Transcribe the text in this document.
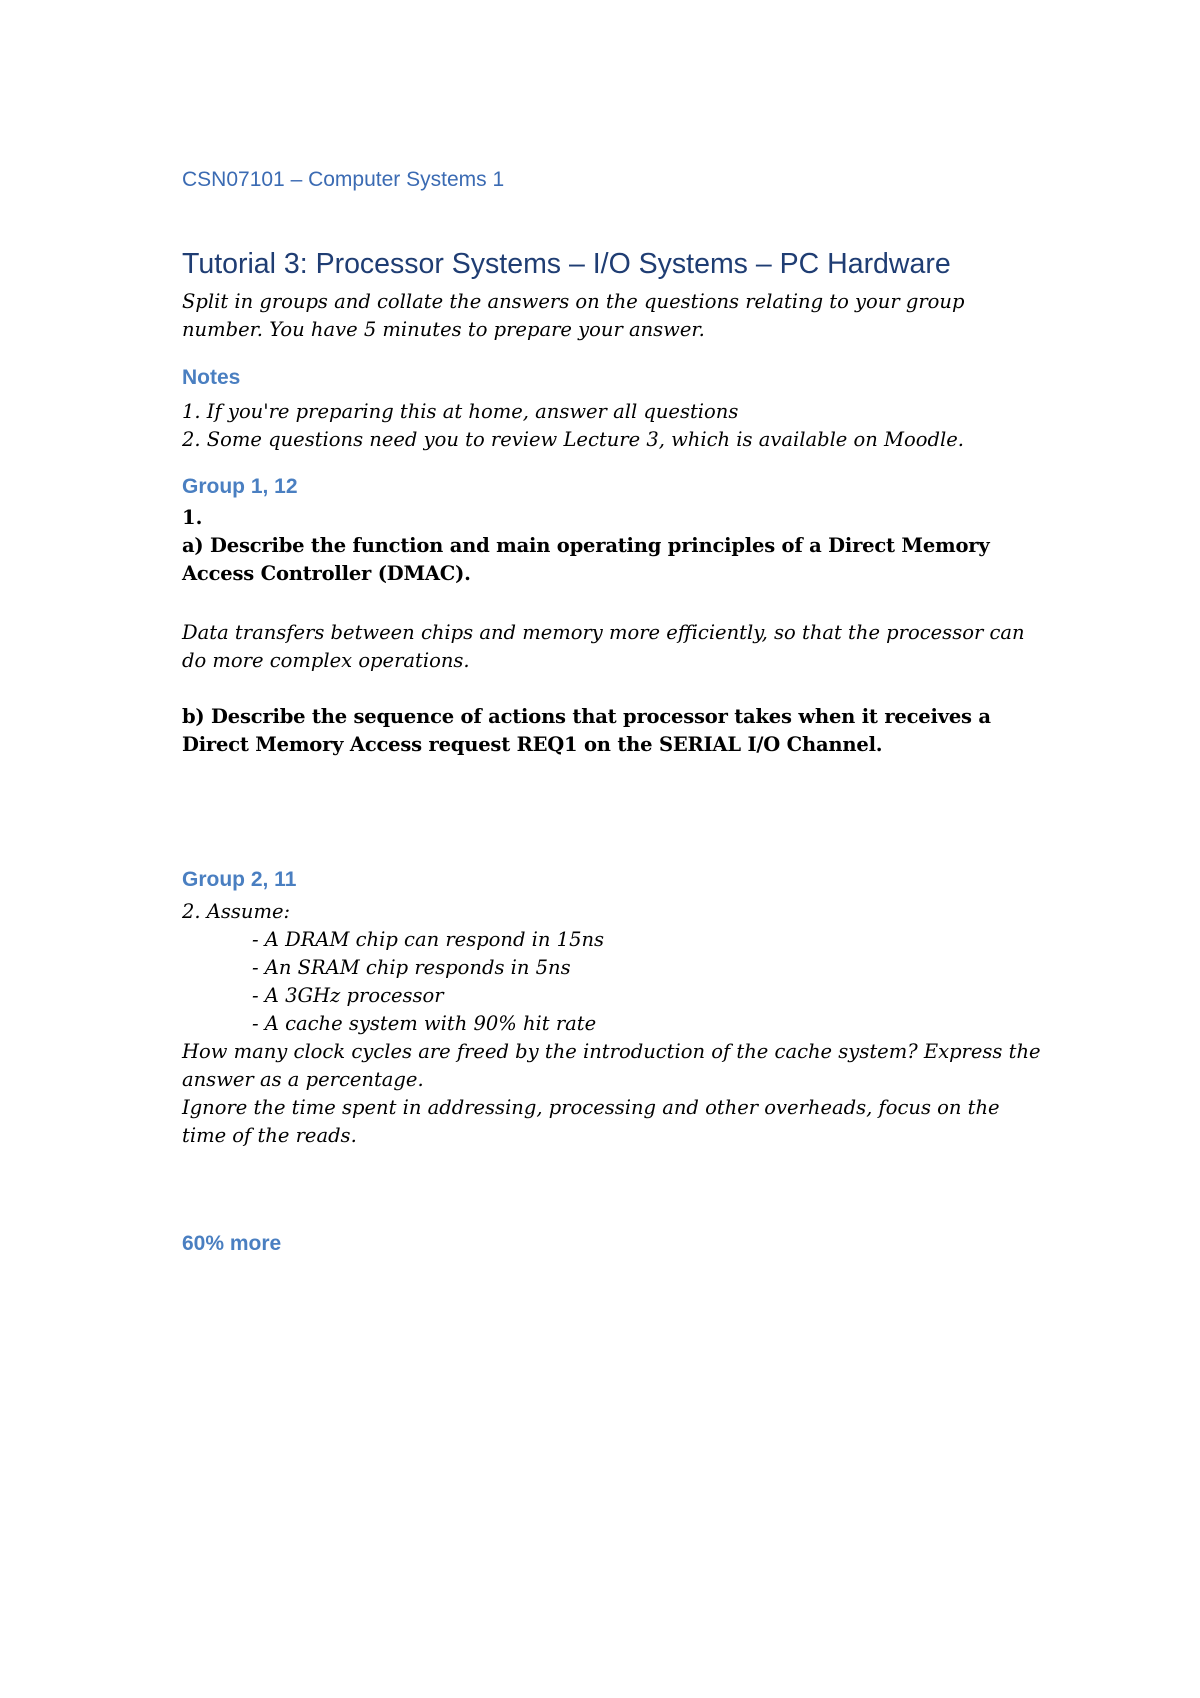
CSN07101 – Computer Systems 1
Tutorial 3: Processor Systems – I/O Systems – PC Hardware
Split in groups and collate the answers on the questions relating to your group number. You have 5 minutes to prepare your answer.
Notes
1. If you're preparing this at home, answer all questions
2. Some questions need you to review Lecture 3, which is available on Moodle.
Group 1, 12
1.
a) Describe the function and main operating principles of a Direct Memory Access Controller (DMAC).
Data transfers between chips and memory more efficiently, so that the processor can do more complex operations.
b) Describe the sequence of actions that processor takes when it receives a Direct Memory Access request REQ1 on the SERIAL I/O Channel.
Group 2, 11

2. Assume:

- A DRAM chip can respond in 15ns
- An SRAM chip responds in 5ns
- A 3GHz processor
- A cache system with 90% hit rate

How many clock cycles are freed by the introduction of the cache system? Express the answer as a percentage.

Ignore the time spent in addressing, processing and other overheads, focus on the time of the reads.

60% more
